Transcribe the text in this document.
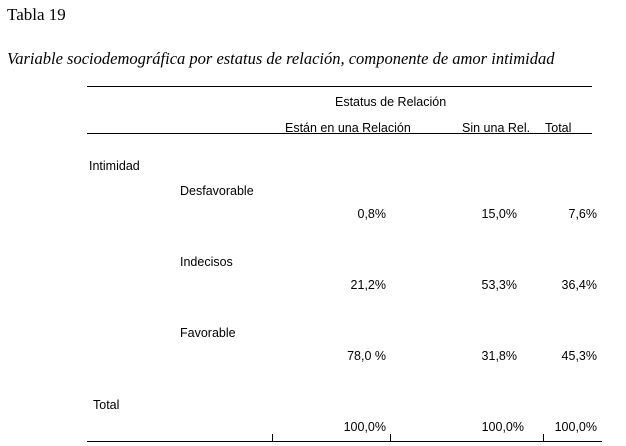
Tabla 19
Variable sociodemográfica por estatus de relación, componente de amor intimidad
Estatus de Relación
Están en una Relación	Sin una Rel. Total
Intimidad
Desfavorable
0,8%	15,0%	7,6%
Indecisos
21,2%	53,3%	36,4%
Favorable
78,0 %	31,8%	45,3%
Total
100,0%	100,0%	100,0%
